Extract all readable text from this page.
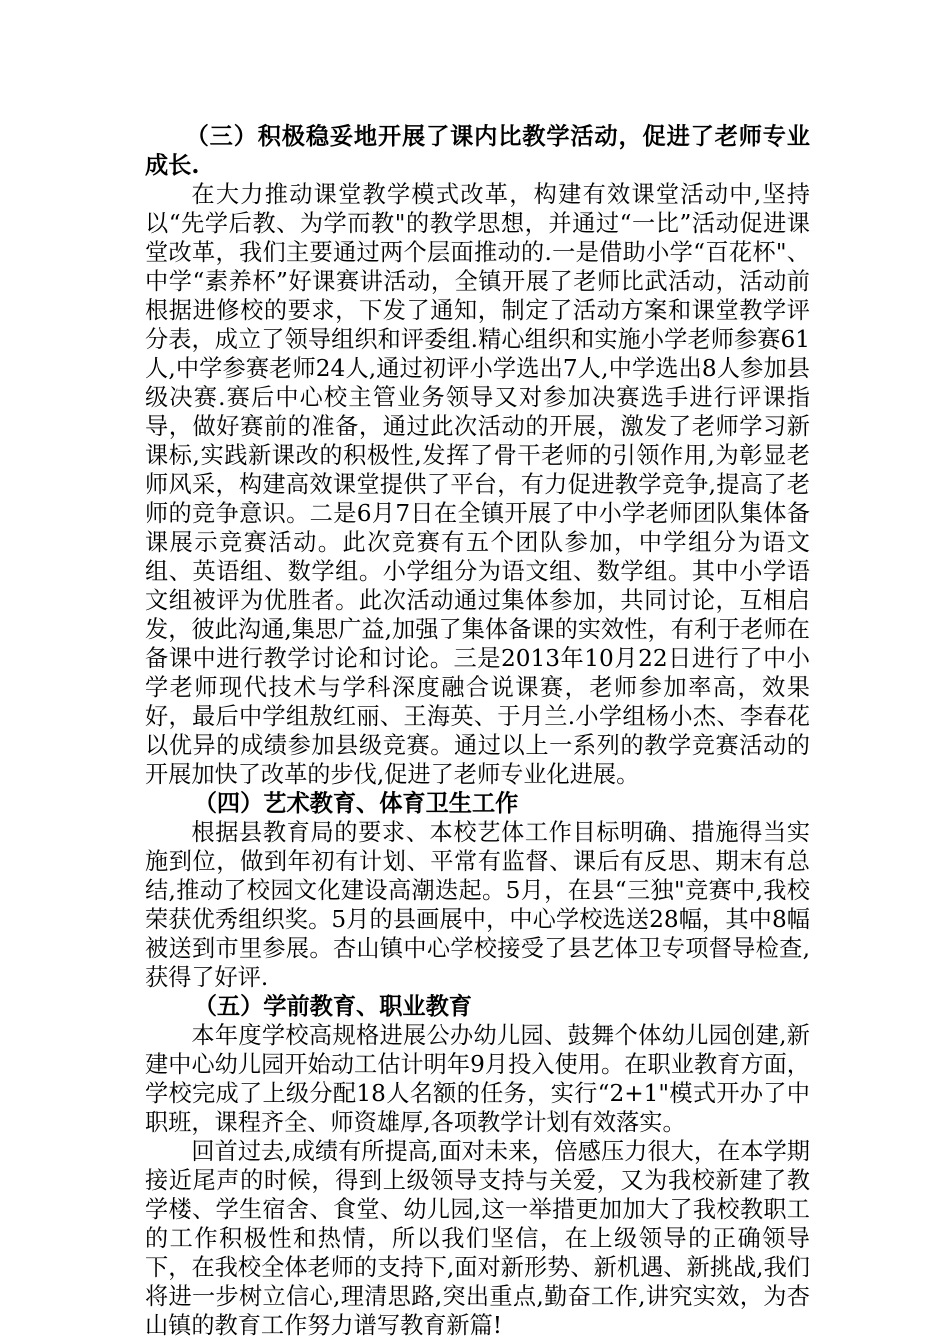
（三）积极稳妥地开展了课内比教学活动，促进了老师专业成长.

在大力推动课堂教学模式改革，构建有效课堂活动中,坚持以“先学后教、为学而教"的教学思想，并通过“一比”活动促进课堂改革，我们主要通过两个层面推动的.一是借助小学“百花杯"、中学“素养杯”好课赛讲活动，全镇开展了老师比武活动，活动前根据进修校的要求，下发了通知，制定了活动方案和课堂教学评分表，成立了领导组织和评委组.精心组织和实施小学老师参赛61人,中学参赛老师24人,通过初评小学选出7人,中学选出8人参加县级决赛.赛后中心校主管业务领导又对参加决赛选手进行评课指导，做好赛前的准备，通过此次活动的开展，激发了老师学习新课标,实践新课改的积极性,发挥了骨干老师的引领作用,为彰显老师风采，构建高效课堂提供了平台，有力促进教学竞争,提高了老师的竞争意识。二是6月7日在全镇开展了中小学老师团队集体备课展示竞赛活动。此次竞赛有五个团队参加，中学组分为语文组、英语组、数学组。小学组分为语文组、数学组。其中小学语文组被评为优胜者。此次活动通过集体参加，共同讨论，互相启发，彼此沟通,集思广益,加强了集体备课的实效性，有利于老师在备课中进行教学讨论和讨论。三是2013年10月22日进行了中小学老师现代技术与学科深度融合说课赛，老师参加率高，效果好，最后中学组敖红丽、王海英、于月兰.小学组杨小杰、李春花以优异的成绩参加县级竞赛。通过以上一系列的教学竞赛活动的开展加快了改革的步伐,促进了老师专业化进展。

（四）艺术教育、体育卫生工作

根据县教育局的要求、本校艺体工作目标明确、措施得当实施到位，做到年初有计划、平常有监督、课后有反思、期末有总结,推动了校园文化建设高潮迭起。5月，在县“三独"竞赛中,我校荣获优秀组织奖。5月的县画展中，中心学校选送28幅，其中8幅被送到市里参展。杏山镇中心学校接受了县艺体卫专项督导检查,获得了好评.

（五）学前教育、职业教育

本年度学校高规格进展公办幼儿园、鼓舞个体幼儿园创建,新建中心幼儿园开始动工估计明年9月投入使用。在职业教育方面，学校完成了上级分配18人名额的任务，实行“2+1"模式开办了中职班，课程齐全、师资雄厚,各项教学计划有效落实。

回首过去,成绩有所提高,面对未来，倍感压力很大，在本学期接近尾声的时候，得到上级领导支持与关爱，又为我校新建了教学楼、学生宿舍、食堂、幼儿园,这一举措更加加大了我校教职工的工作积极性和热情，所以我们坚信，在上级领导的正确领导下，在我校全体老师的支持下,面对新形势、新机遇、新挑战,我们将进一步树立信心,理清思路,突出重点,勤奋工作,讲究实效，为杏山镇的教育工作努力谱写教育新篇!
